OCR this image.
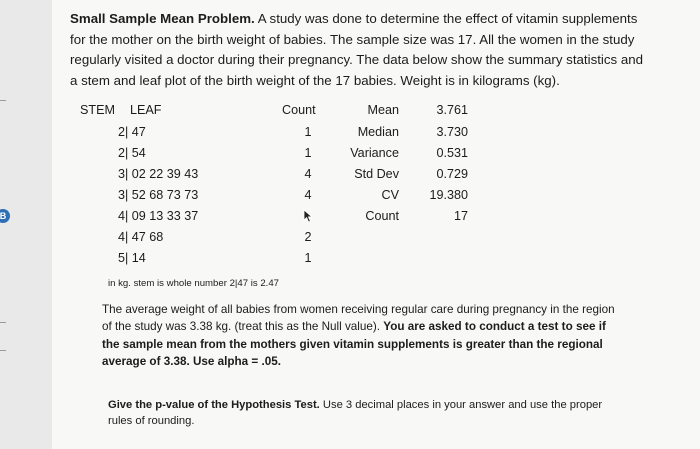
B
Small Sample Mean Problem. A study was done to determine the effect of vitamin supplements for the mother on the birth weight of babies. The sample size was 17. All the women in the study regularly visited a doctor during their pregnancy. The data below show the summary statistics and a stem and leaf plot of the birth weight of the 17 babies. Weight is in kilograms (kg).
STEM LEAF	Count
2| 47
2| 54
3| 02 22 39 43
3| 52 68 73 73
4| 09 13 33 37
4| 47 68
5| 14
1
1
4
4
2
1
Mean
Median
Variance
Std Dev
CV
Count
3.761
3.730
0.531
0.729
19.380
17
in kg. stem is whole number 2|47 is 2.47
The average weight of all babies from women receiving regular care during pregnancy in the region of the study was 3.38 kg. (treat this as the Null value). You are asked to conduct a test to see if the sample mean from the mothers given vitamin supplements is greater than the regional average of 3.38. Use alpha = .05.
Give the p-value of the Hypothesis Test. Use 3 decimal places in your answer and use the proper rules of rounding.
